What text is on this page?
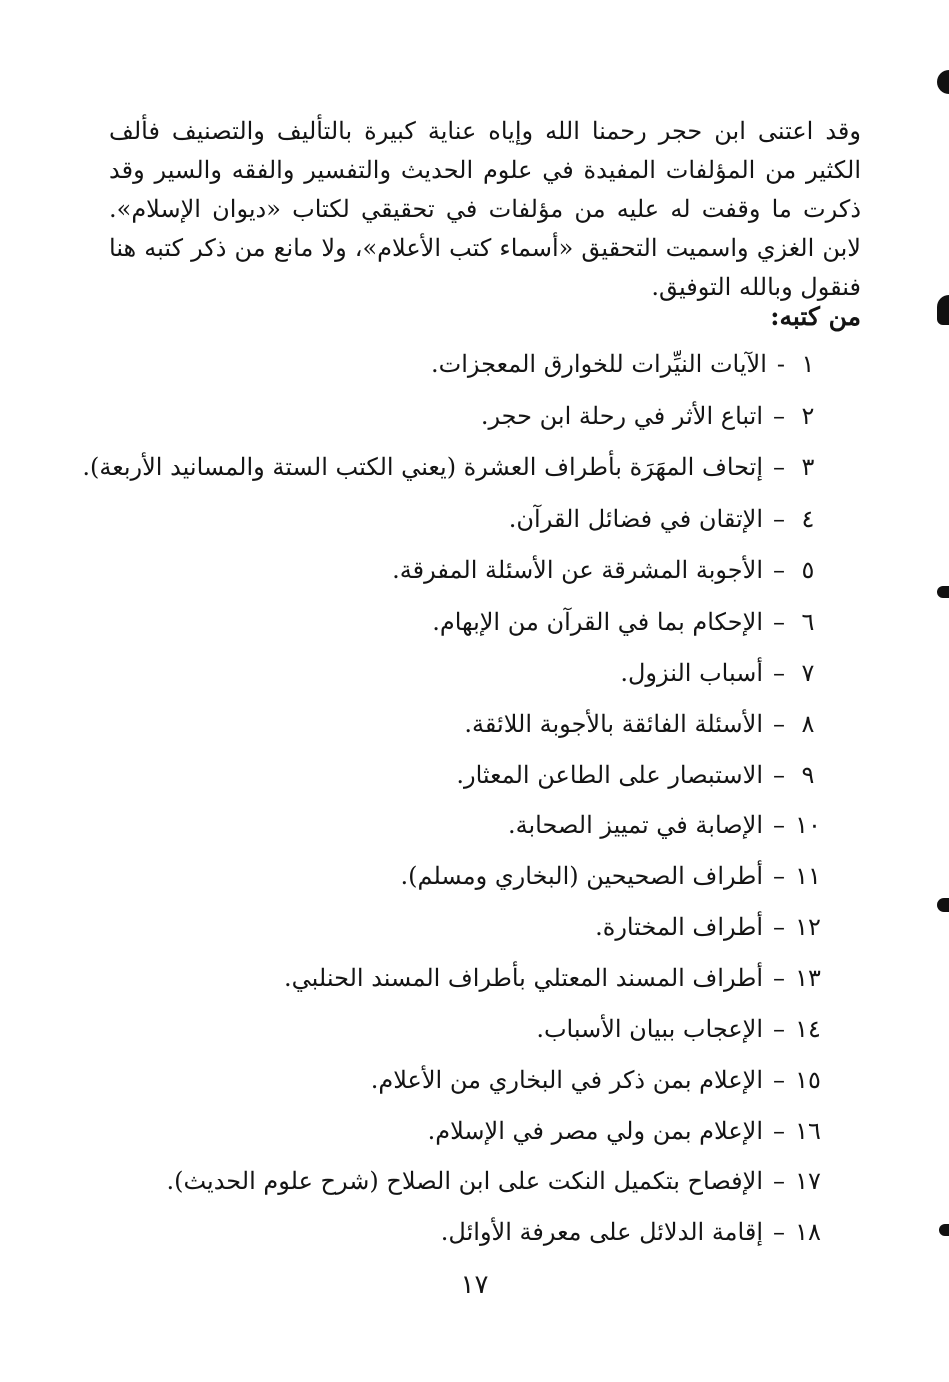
وقد اعتنى ابن حجر رحمنا الله وإياه عناية كبيرة بالتأليف والتصنيف فألف الكثير من المؤلفات المفيدة في علوم الحديث والتفسير والفقه والسير وقد ذكرت ما وقفت له عليه من مؤلفات في تحقيقي لكتاب «ديوان الإسلام». لابن الغزي واسميت التحقيق «أسماء كتب الأعلام»، ولا مانع من ذكر كتبه هنا فنقول وبالله التوفيق.

من كتبه:
١-الآيات النيِّرات للخوارق المعجزات.
٢–اتباع الأثر في رحلة ابن حجر.
٣–إتحاف المهَرَة بأطراف العشرة (يعني الكتب الستة والمسانيد الأربعة).
٤–الإتقان في فضائل القرآن.
٥–الأجوبة المشرقة عن الأسئلة المفرقة.
٦–الإحكام بما في القرآن من الإبهام.
٧–أسباب النزول.
٨–الأسئلة الفائقة بالأجوبة اللائقة.
٩–الاستبصار على الطاعن المعثار.
١٠–الإصابة في تمييز الصحابة.
١١–أطراف الصحيحين (البخاري ومسلم).
١٢–أطراف المختارة.
١٣–أطراف المسند المعتلي بأطراف المسند الحنلبي.
١٤–الإعجاب ببيان الأسباب.
١٥–الإعلام بمن ذكر في البخاري من الأعلام.
١٦–الإعلام بمن ولي مصر في الإسلام.
١٧–الإفصاح بتكميل النكت على ابن الصلاح (شرح علوم الحديث).
١٨–إقامة الدلائل على معرفة الأوائل.
١٧
